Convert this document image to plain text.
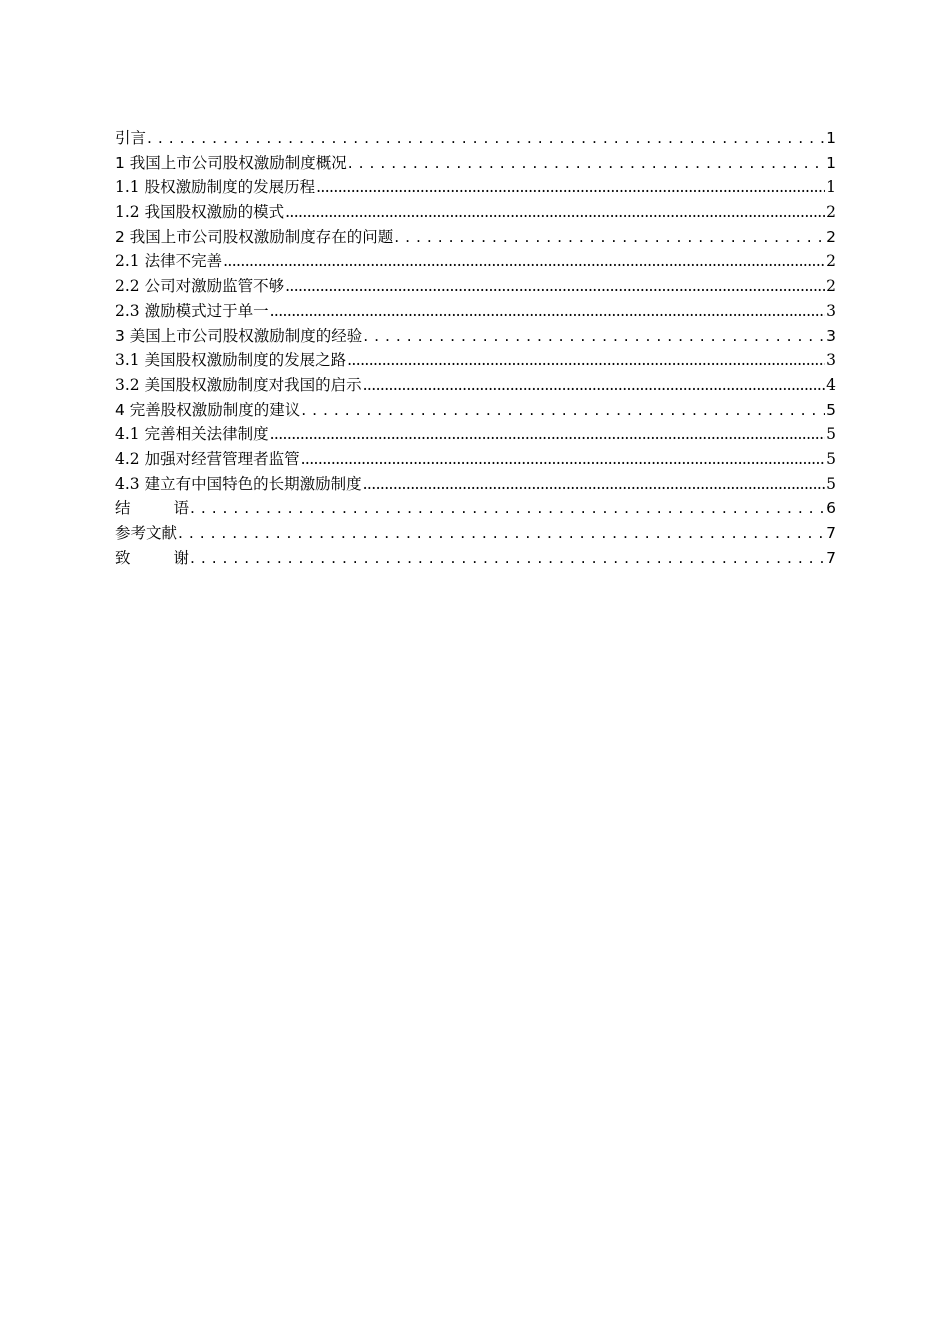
引言 . . .	1
1 我国上市公司股权激励制度概况 . . .	1
1.1 股权激励制度的发展历程 .....	1
1.2 我国股权激励的模式 .....	2
2 我国上市公司股权激励制度存在的问题 . . .	2
2.1 法律不完善 .....	2
2.2 公司对激励监管不够 .....	2
2.3 激励模式过于单一 .....	3
3 美国上市公司股权激励制度的经验 . . .	3
3.1 美国股权激励制度的发展之路 .....	3
3.2 美国股权激励制度对我国的启示 .....	4
4 完善股权激励制度的建议 . . .	5
4.1 完善相关法律制度 .....	5
4.2 加强对经营管理者监管 .....	5
4.3 建立有中国特色的长期激励制度 .....	5
结	语 . . .	6
参考文献 . . .	7
致	谢 . . .	7
